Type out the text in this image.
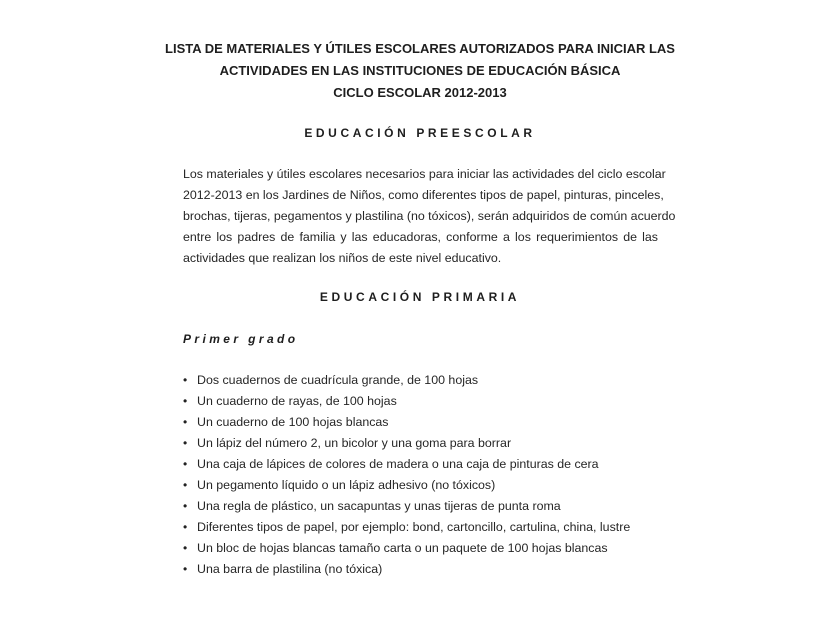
LISTA DE MATERIALES Y ÚTILES ESCOLARES AUTORIZADOS PARA INICIAR LAS
ACTIVIDADES EN LAS INSTITUCIONES DE EDUCACIÓN BÁSICA
CICLO ESCOLAR 2012-2013
EDUCACIÓN PREESCOLAR
Los materiales y útiles escolares necesarios para iniciar las actividades del ciclo escolar
2012-2013 en los Jardines de Niños, como diferentes tipos de papel, pinturas, pinceles,
brochas, tijeras, pegamentos y plastilina (no tóxicos), serán adquiridos de común acuerdo
entre los padres de familia y las educadoras, conforme a los requerimientos de las
actividades que realizan los niños de este nivel educativo.
EDUCACIÓN PRIMARIA
Primer grado
• Dos cuadernos de cuadrícula grande, de 100 hojas
• Un cuaderno de rayas, de 100 hojas
• Un cuaderno de 100 hojas blancas
• Un lápiz del número 2, un bicolor y una goma para borrar
• Una caja de lápices de colores de madera o una caja de pinturas de cera
• Un pegamento líquido o un lápiz adhesivo (no tóxicos)
• Una regla de plástico, un sacapuntas y unas tijeras de punta roma
• Diferentes tipos de papel, por ejemplo: bond, cartoncillo, cartulina, china, lustre
• Un bloc de hojas blancas tamaño carta o un paquete de 100 hojas blancas
• Una barra de plastilina (no tóxica)
